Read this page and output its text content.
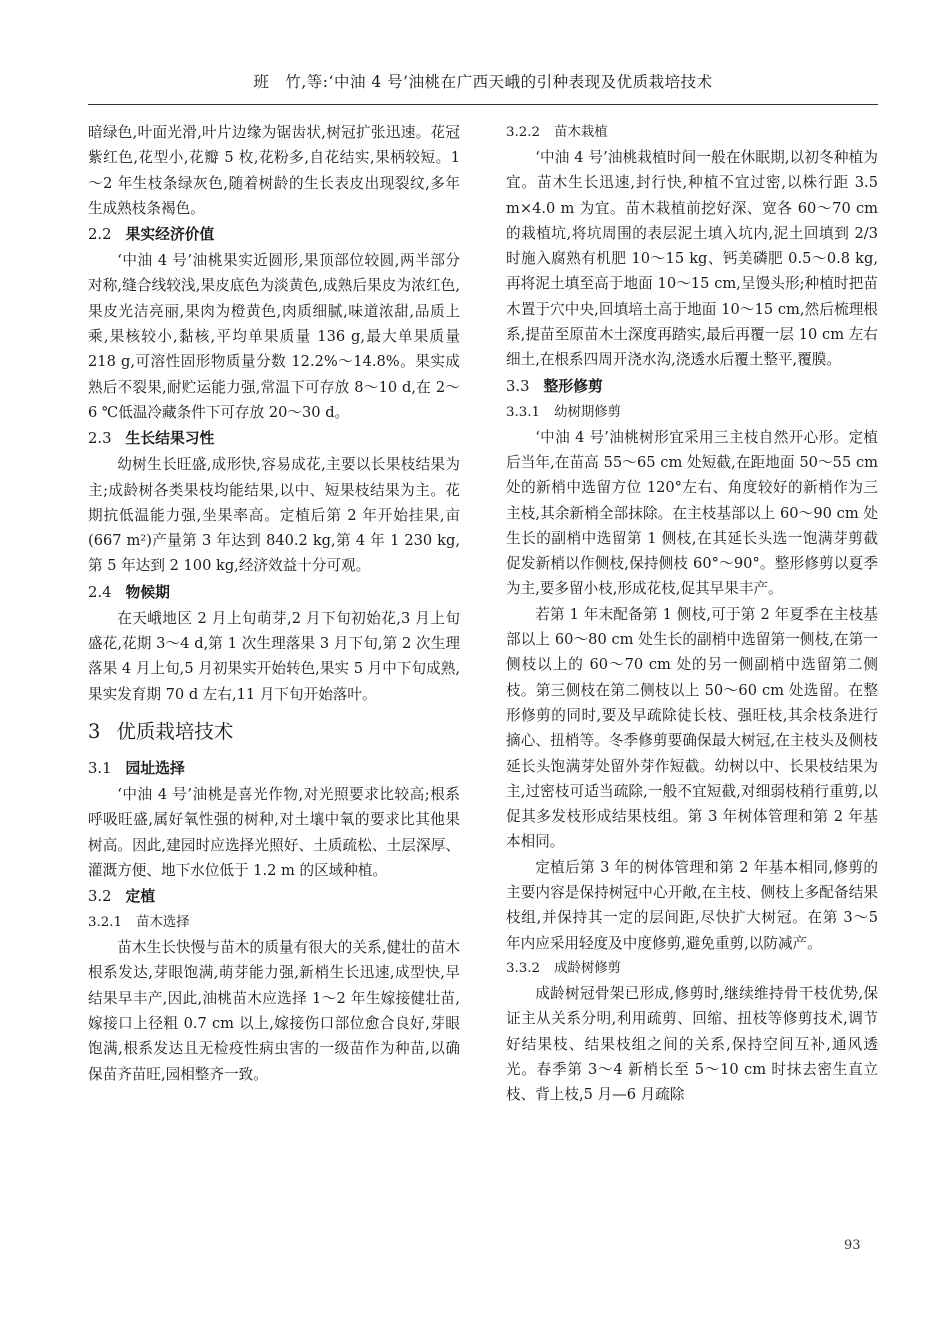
班　竹,等:‘中油 4 号’油桃在广西天峨的引种表现及优质栽培技术

暗绿色,叶面光滑,叶片边缘为锯齿状,树冠扩张迅速。花冠紫红色,花型小,花瓣 5 枚,花粉多,自花结实,果柄较短。1～2 年生枝条绿灰色,随着树龄的生长表皮出现裂纹,多年生成熟枝条褐色。

2.2 果实经济价值

‘中油 4 号’油桃果实近圆形,果顶部位较圆,两半部分对称,缝合线较浅,果皮底色为淡黄色,成熟后果皮为浓红色,果皮光洁亮丽,果肉为橙黄色,肉质细腻,味道浓甜,品质上乘,果核较小,黏核,平均单果质量 136 g,最大单果质量 218 g,可溶性固形物质量分数 12.2%～14.8%。果实成熟后不裂果,耐贮运能力强,常温下可存放 8～10 d,在 2～6 ℃低温冷藏条件下可存放 20～30 d。

2.3 生长结果习性

幼树生长旺盛,成形快,容易成花,主要以长果枝结果为主;成龄树各类果枝均能结果,以中、短果枝结果为主。花期抗低温能力强,坐果率高。定植后第 2 年开始挂果,亩(667 m²)产量第 3 年达到 840.2 kg,第 4 年 1 230 kg,第 5 年达到 2 100 kg,经济效益十分可观。

2.4 物候期

在天峨地区 2 月上旬萌芽,2 月下旬初始花,3 月上旬盛花,花期 3～4 d,第 1 次生理落果 3 月下旬,第 2 次生理落果 4 月上旬,5 月初果实开始转色,果实 5 月中下旬成熟,果实发育期 70 d 左右,11 月下旬开始落叶。

3 优质栽培技术
3.1 园址选择

‘中油 4 号’油桃是喜光作物,对光照要求比较高;根系呼吸旺盛,属好氧性强的树种,对土壤中氧的要求比其他果树高。因此,建园时应选择光照好、土质疏松、土层深厚、灌溉方便、地下水位低于 1.2 m 的区域种植。

3.2 定植
3.2.1 苗木选择

苗木生长快慢与苗木的质量有很大的关系,健壮的苗木根系发达,芽眼饱满,萌芽能力强,新梢生长迅速,成型快,早结果早丰产,因此,油桃苗木应选择 1～2 年生嫁接健壮苗,嫁接口上径粗 0.7 cm 以上,嫁接伤口部位愈合良好,芽眼饱满,根系发达且无检疫性病虫害的一级苗作为种苗,以确保苗齐苗旺,园相整齐一致。

3.2.2 苗木栽植

‘中油 4 号’油桃栽植时间一般在休眠期,以初冬种植为宜。苗木生长迅速,封行快,种植不宜过密,以株行距 3.5 m×4.0 m 为宜。苗木栽植前挖好深、宽各 60～70 cm 的栽植坑,将坑周围的表层泥土填入坑内,泥土回填到 2/3 时施入腐熟有机肥 10～15 kg、钙美磷肥 0.5～0.8 kg,再将泥土填至高于地面 10～15 cm,呈馒头形;种植时把苗木置于穴中央,回填培土高于地面 10～15 cm,然后梳理根系,提苗至原苗木土深度再踏实,最后再覆一层 10 cm 左右细土,在根系四周开浇水沟,浇透水后覆土整平,覆膜。

3.3 整形修剪
3.3.1 幼树期修剪

‘中油 4 号’油桃树形宜采用三主枝自然开心形。定植后当年,在苗高 55～65 cm 处短截,在距地面 50～55 cm 处的新梢中选留方位 120°左右、角度较好的新梢作为三主枝,其余新梢全部抹除。在主枝基部以上 60～90 cm 处生长的副梢中选留第 1 侧枝,在其延长头选一饱满芽剪截促发新梢以作侧枝,保持侧枝 60°～90°。整形修剪以夏季为主,要多留小枝,形成花枝,促其早果丰产。

若第 1 年末配备第 1 侧枝,可于第 2 年夏季在主枝基部以上 60～80 cm 处生长的副梢中选留第一侧枝,在第一侧枝以上的 60～70 cm 处的另一侧副梢中选留第二侧枝。第三侧枝在第二侧枝以上 50～60 cm 处选留。在整形修剪的同时,要及早疏除徒长枝、强旺枝,其余枝条进行摘心、扭梢等。冬季修剪要确保最大树冠,在主枝头及侧枝延长头饱满芽处留外芽作短截。幼树以中、长果枝结果为主,过密枝可适当疏除,一般不宜短截,对细弱枝稍行重剪,以促其多发枝形成结果枝组。第 3 年树体管理和第 2 年基本相同。

定植后第 3 年的树体管理和第 2 年基本相同,修剪的主要内容是保持树冠中心开敞,在主枝、侧枝上多配备结果枝组,并保持其一定的层间距,尽快扩大树冠。在第 3～5 年内应采用轻度及中度修剪,避免重剪,以防减产。

3.3.2 成龄树修剪

成龄树冠骨架已形成,修剪时,继续维持骨干枝优势,保证主从关系分明,利用疏剪、回缩、扭枝等修剪技术,调节好结果枝、结果枝组之间的关系,保持空间互补,通风透光。春季第 3～4 新梢长至 5～10 cm 时抹去密生直立枝、背上枝,5 月—6 月疏除

93
